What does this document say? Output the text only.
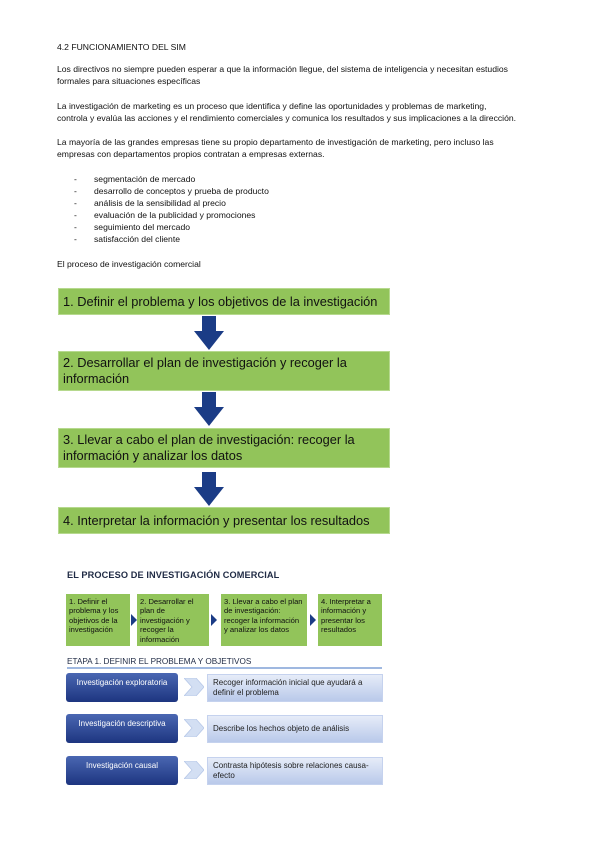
4.2 FUNCIONAMIENTO DEL SIM
Los directivos no siempre pueden esperar a que la información llegue, del sistema de inteligencia y necesitan estudios
formales para situaciones específicas
La investigación de marketing es un proceso que identifica y define las oportunidades y problemas de marketing,
controla y evalúa las acciones y el rendimiento comerciales y comunica los resultados y sus implicaciones a la dirección.
La mayoría de las grandes empresas tiene su propio departamento de investigación de marketing, pero incluso las
empresas con departamentos propios contratan a empresas externas.
- segmentación de mercado
- desarrollo de conceptos y prueba de producto
- análisis de la sensibilidad al precio
- evaluación de la publicidad y promociones
- seguimiento del mercado
- satisfacción del cliente
El proceso de investigación comercial
1. Definir el problema y los objetivos de la investigación
2. Desarrollar el plan de investigación y recoger la información
3. Llevar a cabo el plan de investigación: recoger la información y analizar los datos
4. Interpretar la información y presentar los resultados
EL PROCESO DE INVESTIGACIÓN COMERCIAL
1. Definir el problema y los objetivos de la investigación
2. Desarrollar el plan de investigación y recoger la información
3. Llevar a cabo el plan de investigación: recoger la información y analizar los datos
4. Interpretar a información y presentar los resultados
ETAPA 1. DEFINIR EL PROBLEMA Y OBJETIVOS
Investigación exploratoria	Recoger información inicial que ayudará a definir el problema
Investigación descriptiva
Describe los hechos objeto de análisis
Investigación causal	Contrasta hipótesis sobre relaciones causa-efecto
